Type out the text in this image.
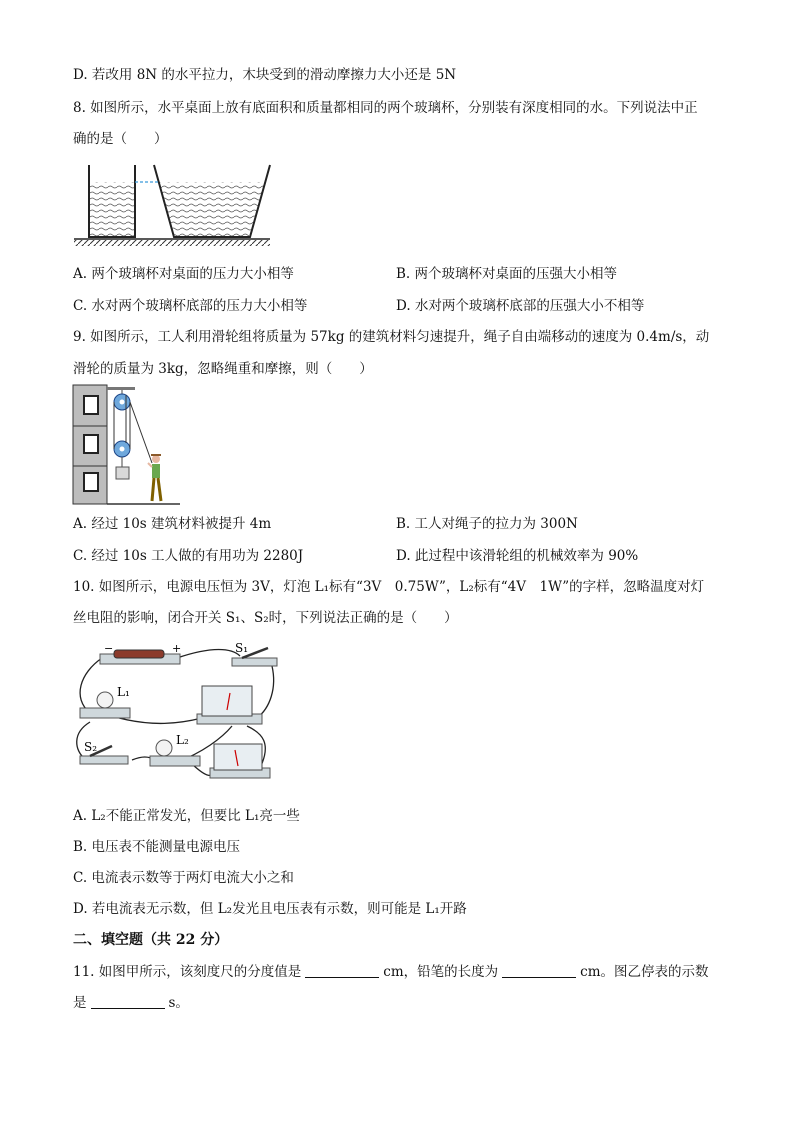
D. 若改用 8N 的水平拉力，木块受到的滑动摩擦力大小还是 5N
8. 如图所示，水平桌面上放有底面积和质量都相同的两个玻璃杯，分别装有深度相同的水。下列说法中正
确的是（　　）
A. 两个玻璃杯对桌面的压力大小相等	B. 两个玻璃杯对桌面的压强大小相等
C. 水对两个玻璃杯底部的压力大小相等	D. 水对两个玻璃杯底部的压强大小不相等
9. 如图所示，工人利用滑轮组将质量为 57kg 的建筑材料匀速提升，绳子自由端移动的速度为 0.4m/s，动
滑轮的质量为 3kg，忽略绳重和摩擦，则（　　）
A. 经过 10s 建筑材料被提升 4m	B. 工人对绳子的拉力为 300N
C. 经过 10s 工人做的有用功为 2280J	D. 此过程中该滑轮组的机械效率为 90%
10. 如图所示，电源电压恒为 3V，灯泡 L₁标有“3V　0.75W”，L₂标有“4V　1W”的字样，忽略温度对灯
丝电阻的影响，闭合开关 S₁、S₂时，下列说法正确的是（　　）
−	+	S₁
L₁
S₂	L₂
A. L₂不能正常发光，但要比 L₁亮一些
B. 电压表不能测量电源电压
C. 电流表示数等于两灯电流大小之和
D. 若电流表无示数，但 L₂发光且电压表有示数，则可能是 L₁开路
二、填空题（共 22 分）
11. 如图甲所示，该刻度尺的分度值是	cm，铅笔的长度为	cm。图乙停表的示数
是	s。
